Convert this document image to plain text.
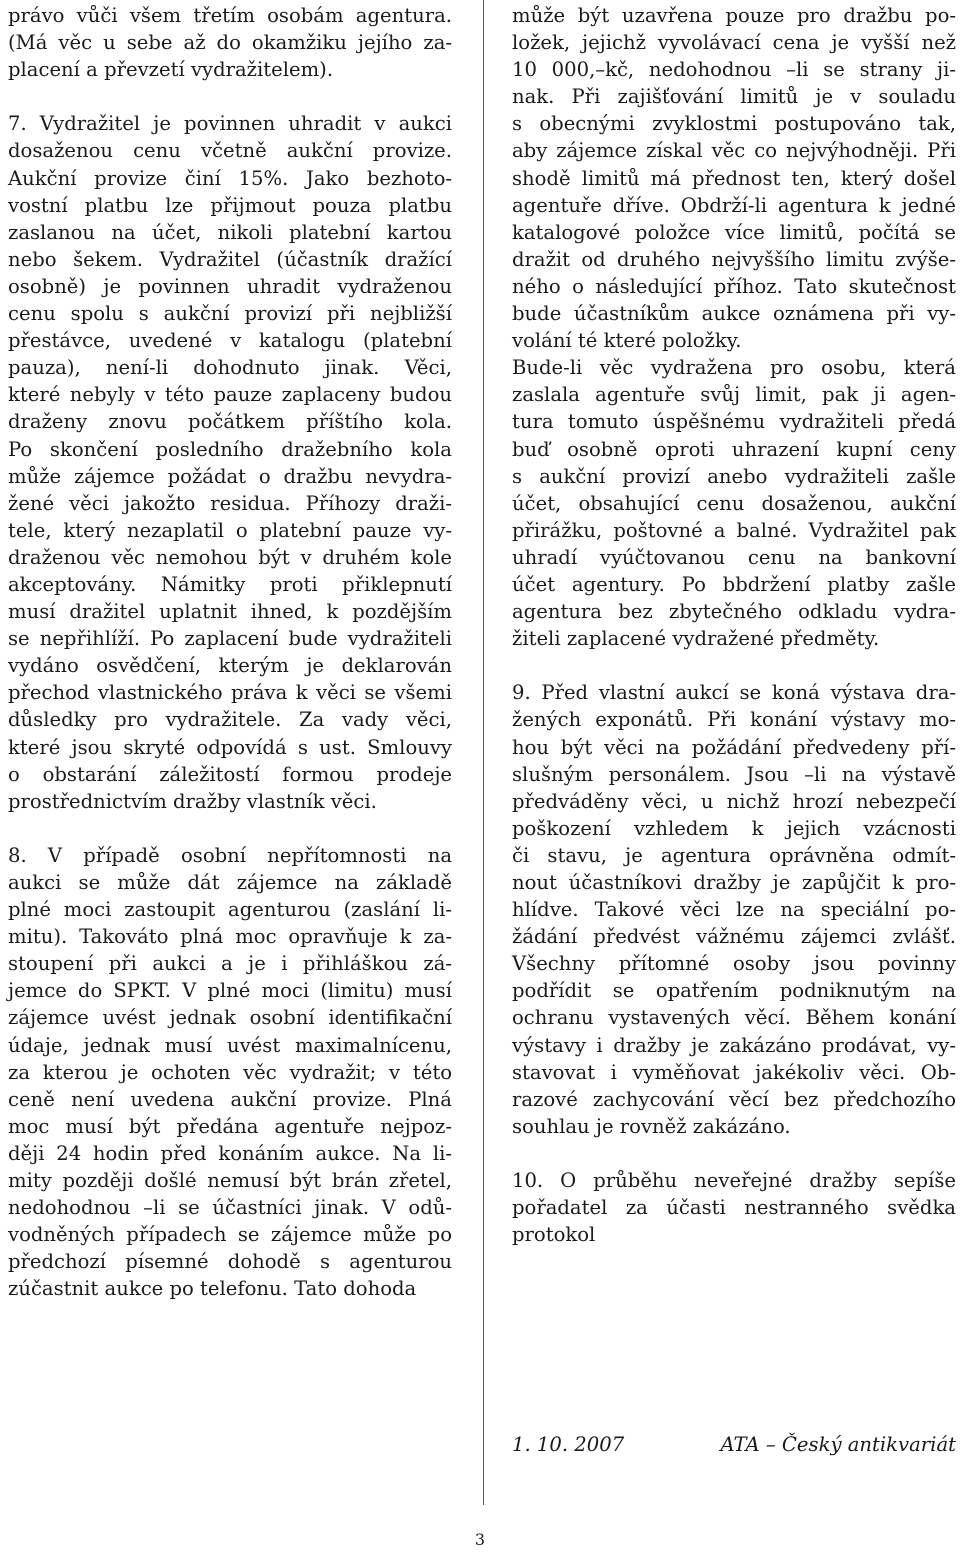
právo vůči všem třetím osobám agentura.
(Má věc u sebe až do okamžiku jejího za-
placení a převzetí vydražitelem).
7. Vydražitel je povinnen uhradit v aukci
dosaženou cenu včetně aukční provize.
Aukční provize činí 15%. Jako bezhoto-
vostní platbu lze přijmout pouza platbu
zaslanou na účet, nikoli platební kartou
nebo šekem. Vydražitel (účastník dražící
osobně) je povinnen uhradit vydraženou
cenu spolu s aukční provizí při nejbližší
přestávce, uvedené v katalogu (platební
pauza), není-li dohodnuto jinak. Věci,
které nebyly v této pauze zaplaceny budou
draženy znovu počátkem příštího kola.
Po skončení posledního dražebního kola
může zájemce požádat o dražbu nevydra-
žené věci jakožto residua. Příhozy draži-
tele, který nezaplatil o platební pauze vy-
draženou věc nemohou být v druhém kole
akceptovány. Námitky proti přiklepnutí
musí dražitel uplatnit ihned, k pozdějším
se nepřihlíží. Po zaplacení bude vydražiteli
vydáno osvědčení, kterým je deklarován
přechod vlastnického práva k věci se všemi
důsledky pro vydražitele. Za vady věci,
které jsou skryté odpovídá s ust. Smlouvy
o obstarání záležitostí formou prodeje
prostřednictvím dražby vlastník věci.
8. V případě osobní nepřítomnosti na
aukci se může dát zájemce na základě
plné moci zastoupit agenturou (zaslání li-
mitu). Takováto plná moc opravňuje k za-
stoupení při aukci a je i přihláškou zá-
jemce do SPKT. V plné moci (limitu) musí
zájemce uvést jednak osobní identifikační
údaje, jednak musí uvést maximalnícenu,
za kterou je ochoten věc vydražit; v této
ceně není uvedena aukční provize. Plná
moc musí být předána agentuře nejpoz-
ději 24 hodin před konáním aukce. Na li-
mity později došlé nemusí být brán zřetel,
nedohodnou –li se účastníci jinak. V odů-
vodněných případech se zájemce může po
předchozí písemné dohodě s agenturou
zúčastnit aukce po telefonu. Tato dohoda
může být uzavřena pouze pro dražbu po-
ložek, jejichž vyvolávací cena je vyšší než
10 000,–kč, nedohodnou –li se strany ji-
nak. Při zajišťování limitů je v souladu
s obecnými zvyklostmi postupováno tak,
aby zájemce získal věc co nejvýhodněji. Při
shodě limitů má přednost ten, který došel
agentuře dříve. Obdrží-li agentura k jedné
katalogové položce více limitů, počítá se
dražit od druhého nejvyššího limitu zvýše-
ného o následující příhoz. Tato skutečnost
bude účastníkům aukce oznámena při vy-
volání té které položky.
Bude-li věc vydražena pro osobu, která
zaslala agentuře svůj limit, pak ji agen-
tura tomuto úspěšnému vydražiteli předá
buď osobně oproti uhrazení kupní ceny
s aukční provizí anebo vydražiteli zašle
účet, obsahující cenu dosaženou, aukční
přirážku, poštovné a balné. Vydražitel pak
uhradí vyúčtovanou cenu na bankovní
účet agentury. Po bbdržení platby zašle
agentura bez zbytečného odkladu vydra-
žiteli zaplacené vydražené předměty.
9. Před vlastní aukcí se koná výstava dra-
žených exponátů. Při konání výstavy mo-
hou být věci na požádání předvedeny pří-
slušným personálem. Jsou –li na výstavě
předváděny věci, u nichž hrozí nebezpečí
poškození vzhledem k jejich vzácnosti
či stavu, je agentura oprávněna odmít-
nout účastníkovi dražby je zapůjčit k pro-
hlídve. Takové věci lze na speciální po-
žádání předvést vážnému zájemci zvlášť.
Všechny přítomné osoby jsou povinny
podřídit se opatřením podniknutým na
ochranu vystavených věcí. Během konání
výstavy i dražby je zakázáno prodávat, vy-
stavovat i vyměňovat jakékoliv věci. Ob-
razové zachycování věcí bez předchozího
souhlau je rovněž zakázáno.
10. O průběhu neveřejné dražby sepíše
pořadatel za účasti nestranného svědka
protokol
1. 10. 2007	ATA – Český antikvariát
3
